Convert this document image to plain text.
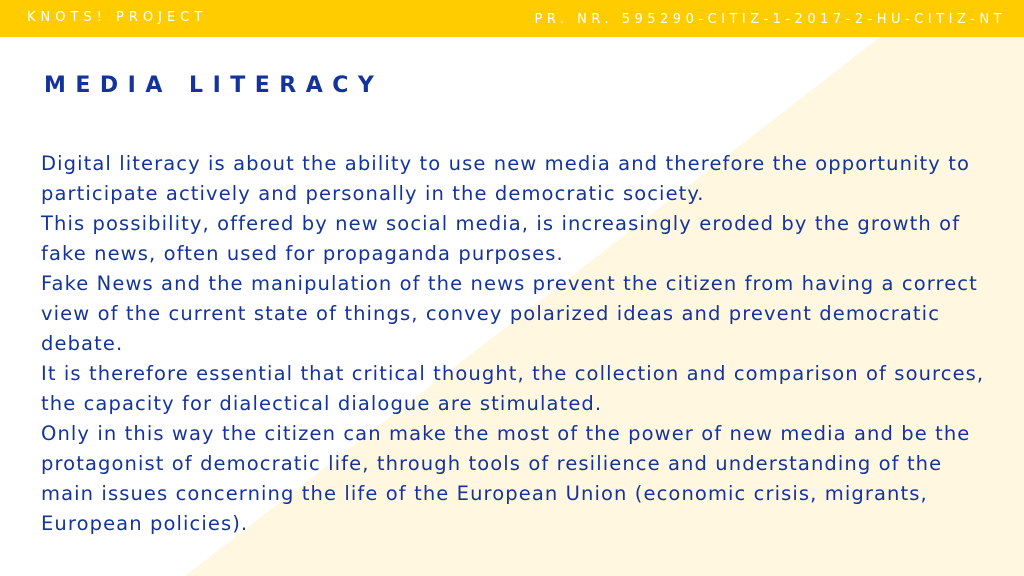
KNOTS! PROJECT	PR. NR. 595290-CITIZ-1-2017-2-HU-CITIZ-NT
MEDIA LITERACY

Digital literacy is about the ability to use new media and therefore the opportunity to participate actively and personally in the democratic society.

This possibility, offered by new social media, is increasingly eroded by the growth of fake news, often used for propaganda purposes.

Fake News and the manipulation of the news prevent the citizen from having a correct view of the current state of things, convey polarized ideas and prevent democratic debate.

It is therefore essential that critical thought, the collection and comparison of sources, the capacity for dialectical dialogue are stimulated.

Only in this way the citizen can make the most of the power of new media and be the protagonist of democratic life, through tools of resilience and understanding of the main issues concerning the life of the European Union (economic crisis, migrants, European policies).
